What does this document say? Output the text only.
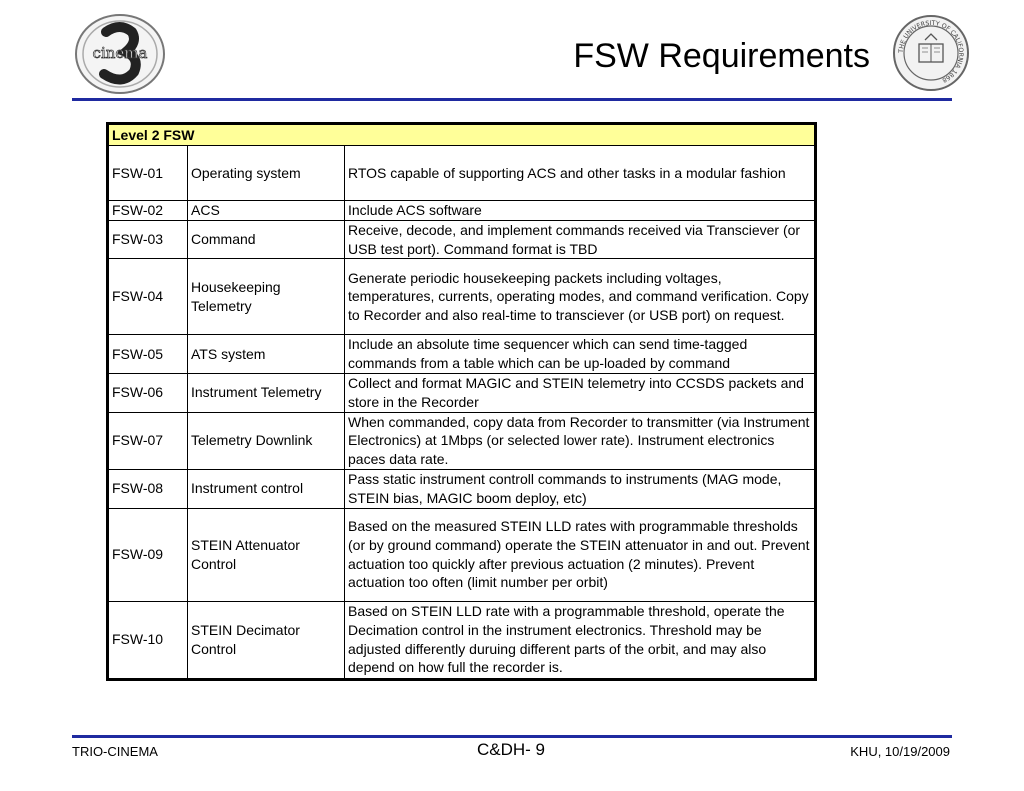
cinema	FSW Requirements	THE UNIVERSITY OF CALIFORNIA 1868
Level 2 FSW		
FSW-01	Operating system	RTOS capable of supporting ACS and other tasks in a modular fashion
FSW-02	ACS	Include ACS software
FSW-03	Command	Receive, decode, and implement commands received via Transciever (or USB test port). Command format is TBD
FSW-04	Housekeeping Telemetry	Generate periodic housekeeping packets including voltages, temperatures, currents, operating modes, and command verification. Copy to Recorder and also real-time to transciever (or USB port) on request.
FSW-05	ATS system	Include an absolute time sequencer which can send time-tagged commands from a table which can be up-loaded by command
FSW-06	Instrument Telemetry	Collect and format MAGIC and STEIN telemetry into CCSDS packets and store in the Recorder
FSW-07	Telemetry Downlink	When commanded, copy data from Recorder to transmitter (via Instrument Electronics) at 1Mbps (or selected lower rate). Instrument electronics paces data rate.
FSW-08	Instrument control	Pass static instrument controll commands to instruments (MAG mode, STEIN bias, MAGIC boom deploy, etc)
FSW-09	STEIN Attenuator Control	Based on the measured STEIN LLD rates with programmable thresholds (or by ground command) operate the STEIN attenuator in and out. Prevent actuation too quickly after previous actuation (2 minutes). Prevent actuation too often (limit number per orbit)
FSW-10	STEIN Decimator Control	Based on STEIN LLD rate with a programmable threshold, operate the Decimation control in the instrument electronics. Threshold may be adjusted differently duruing different parts of the orbit, and may also depend on how full the recorder is.
TRIO-CINEMA	C&DH- 9	KHU, 10/19/2009
